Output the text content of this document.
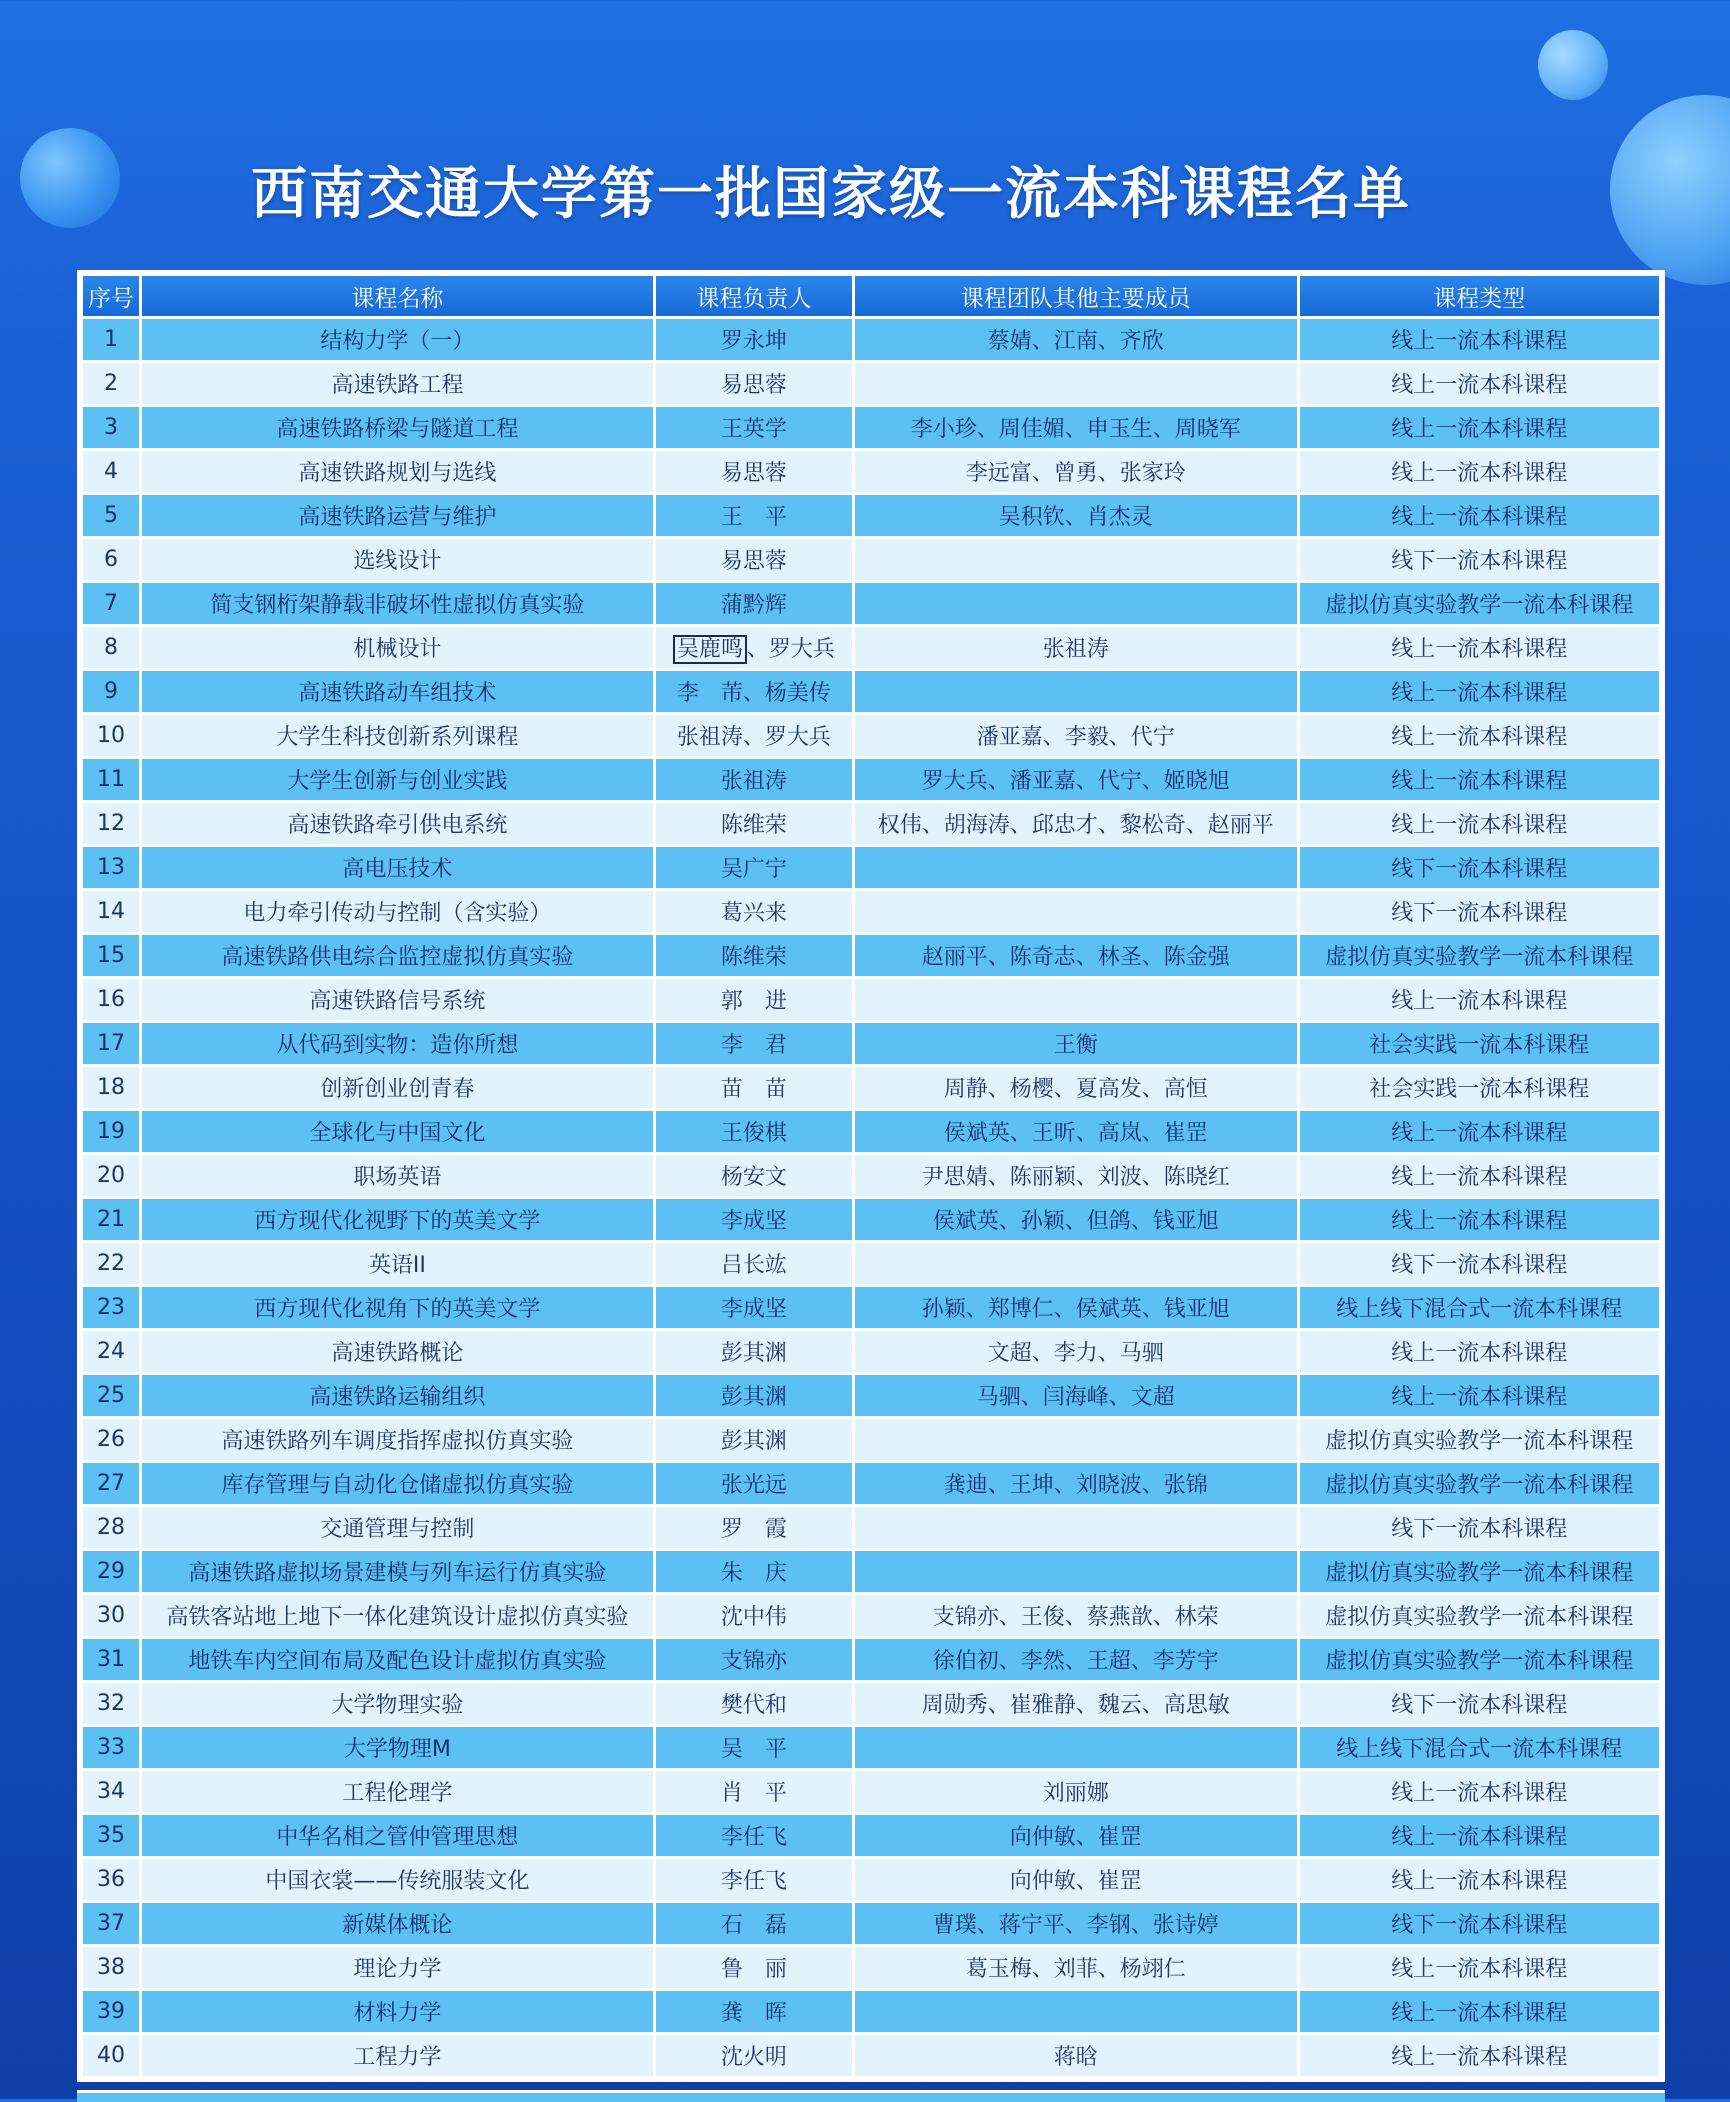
西南交通大学第一批国家级一流本科课程名单
序号	课程名称	课程负责人	课程团队其他主要成员	课程类型
1	结构力学（一）	罗永坤	蔡婧、江南、齐欣	线上一流本科课程
2	高速铁路工程	易思蓉		线上一流本科课程
3	高速铁路桥梁与隧道工程	王英学	李小珍、周佳媚、申玉生、周晓军	线上一流本科课程
4	高速铁路规划与选线	易思蓉	李远富、曾勇、张家玲	线上一流本科课程
5	高速铁路运营与维护	王　平	吴积钦、肖杰灵	线上一流本科课程
6	选线设计	易思蓉		线下一流本科课程
7	简支钢桁架静载非破坏性虚拟仿真实验	蒲黔辉		虚拟仿真实验教学一流本科课程
8	机械设计	吴鹿鸣 、罗大兵	张祖涛	线上一流本科课程
9	高速铁路动车组技术	李　芾、杨美传		线上一流本科课程
10	大学生科技创新系列课程	张祖涛、罗大兵	潘亚嘉、李毅、代宁	线上一流本科课程
11	大学生创新与创业实践	张祖涛	罗大兵、潘亚嘉、代宁、姬晓旭	线上一流本科课程
12	高速铁路牵引供电系统	陈维荣	权伟、胡海涛、邱忠才、黎松奇、赵丽平	线上一流本科课程
13	高电压技术	吴广宁		线下一流本科课程
14	电力牵引传动与控制（含实验）	葛兴来		线下一流本科课程
15	高速铁路供电综合监控虚拟仿真实验	陈维荣	赵丽平、陈奇志、林圣、陈金强	虚拟仿真实验教学一流本科课程
16	高速铁路信号系统	郭　进		线上一流本科课程
17	从代码到实物：造你所想	李　君	王衡	社会实践一流本科课程
18	创新创业创青春	苗　苗	周静、杨樱、夏高发、高恒	社会实践一流本科课程
19	全球化与中国文化	王俊棋	侯斌英、王昕、高岚、崔罡	线上一流本科课程
20	职场英语	杨安文	尹思婧、陈丽颖、刘波、陈晓红	线上一流本科课程
21	西方现代化视野下的英美文学	李成坚	侯斌英、孙颖、但鸽、钱亚旭	线上一流本科课程
22	英语II	吕长竑		线下一流本科课程
23	西方现代化视角下的英美文学	李成坚	孙颖、郑博仁、侯斌英、钱亚旭	线上线下混合式一流本科课程
24	高速铁路概论	彭其渊	文超、李力、马驷	线上一流本科课程
25	高速铁路运输组织	彭其渊	马驷、闫海峰、文超	线上一流本科课程
26	高速铁路列车调度指挥虚拟仿真实验	彭其渊		虚拟仿真实验教学一流本科课程
27	库存管理与自动化仓储虚拟仿真实验	张光远	龚迪、王坤、刘晓波、张锦	虚拟仿真实验教学一流本科课程
28	交通管理与控制	罗　霞		线下一流本科课程
29	高速铁路虚拟场景建模与列车运行仿真实验	朱　庆		虚拟仿真实验教学一流本科课程
30	高铁客站地上地下一体化建筑设计虚拟仿真实验	沈中伟	支锦亦、王俊、蔡燕歆、林荣	虚拟仿真实验教学一流本科课程
31	地铁车内空间布局及配色设计虚拟仿真实验	支锦亦	徐伯初、李然、王超、李芳宇	虚拟仿真实验教学一流本科课程
32	大学物理实验	樊代和	周勋秀、崔雅静、魏云、高思敏	线下一流本科课程
33	大学物理M	吴　平		线上线下混合式一流本科课程
34	工程伦理学	肖　平	刘丽娜	线上一流本科课程
35	中华名相之管仲管理思想	李任飞	向仲敏、崔罡	线上一流本科课程
36	中国衣裳——传统服装文化	李任飞	向仲敏、崔罡	线上一流本科课程
37	新媒体概论	石　磊	曹璞、蒋宁平、李钢、张诗婷	线下一流本科课程
38	理论力学	鲁　丽	葛玉梅、刘菲、杨翊仁	线上一流本科课程
39	材料力学	龚　晖		线上一流本科课程
40	工程力学	沈火明	蒋晗	线上一流本科课程
